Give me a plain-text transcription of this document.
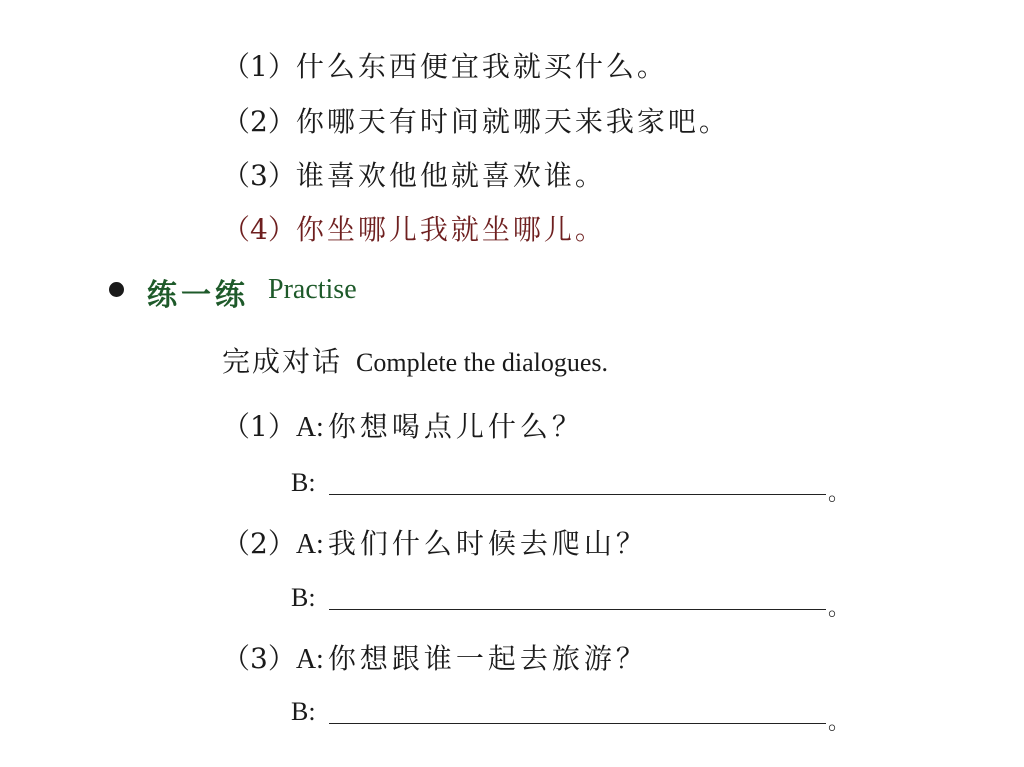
（1）什么东西便宜我就买什么。
（2）你哪天有时间就哪天来我家吧。
（3）谁喜欢他他就喜欢谁。
（4）你坐哪儿我就坐哪儿。
练一练 Practise
完成对话 Complete the dialogues.
（1）A: 你想喝点儿什么？
B:	。
（2）A: 我们什么时候去爬山？
B:	。
（3）A: 你想跟谁一起去旅游？
B:	。
